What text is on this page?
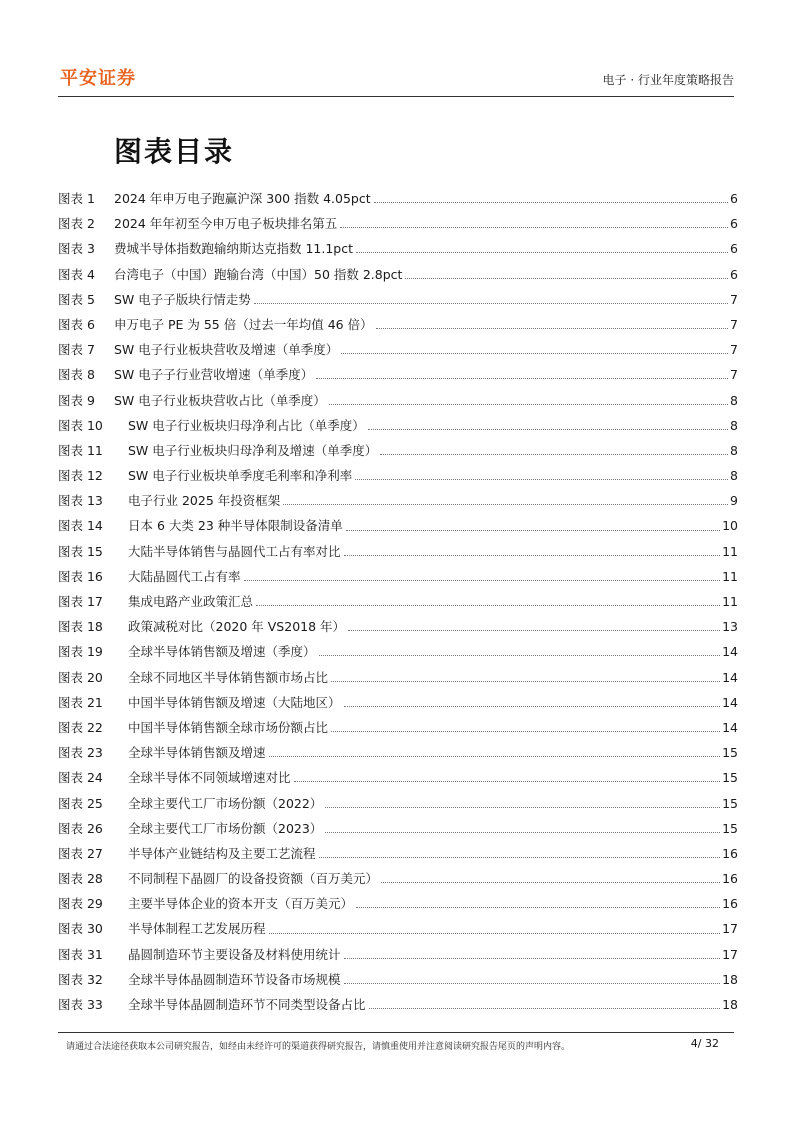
平安证券	电子 · 行业年度策略报告
图表目录
图表 1	2024 年申万电子跑赢沪深 300 指数 4.05pct	6
图表 2	2024 年年初至今申万电子板块排名第五	6
图表 3	费城半导体指数跑输纳斯达克指数 11.1pct	6
图表 4	台湾电子（中国）跑输台湾（中国）50 指数 2.8pct	6
图表 5	SW 电子子版块行情走势	7
图表 6	申万电子 PE 为 55 倍（过去一年均值 46 倍）	7
图表 7	SW 电子行业板块营收及增速（单季度）	7
图表 8	SW 电子子行业营收增速（单季度）	7
图表 9	SW 电子行业板块营收占比（单季度）	8
图表 10	SW 电子行业板块归母净利占比（单季度）	8
图表 11	SW 电子行业板块归母净利及增速（单季度）	8
图表 12	SW 电子行业板块单季度毛利率和净利率	8
图表 13	电子行业 2025 年投资框架	9
图表 14	日本 6 大类 23 种半导体限制设备清单	10
图表 15	大陆半导体销售与晶圆代工占有率对比	11
图表 16	大陆晶圆代工占有率	11
图表 17	集成电路产业政策汇总	11
图表 18	政策减税对比（2020 年 VS2018 年）	13
图表 19	全球半导体销售额及增速（季度）	14
图表 20	全球不同地区半导体销售额市场占比	14
图表 21	中国半导体销售额及增速（大陆地区）	14
图表 22	中国半导体销售额全球市场份额占比	14
图表 23	全球半导体销售额及增速	15
图表 24	全球半导体不同领域增速对比	15
图表 25	全球主要代工厂市场份额（2022）	15
图表 26	全球主要代工厂市场份额（2023）	15
图表 27	半导体产业链结构及主要工艺流程	16
图表 28	不同制程下晶圆厂的设备投资额（百万美元）	16
图表 29	主要半导体企业的资本开支（百万美元）	16
图表 30	半导体制程工艺发展历程	17
图表 31	晶圆制造环节主要设备及材料使用统计	17
图表 32	全球半导体晶圆制造环节设备市场规模	18
图表 33	全球半导体晶圆制造环节不同类型设备占比	18
请通过合法途径获取本公司研究报告，如经由未经许可的渠道获得研究报告，请慎重使用并注意阅读研究报告尾页的声明内容。	4/ 32
